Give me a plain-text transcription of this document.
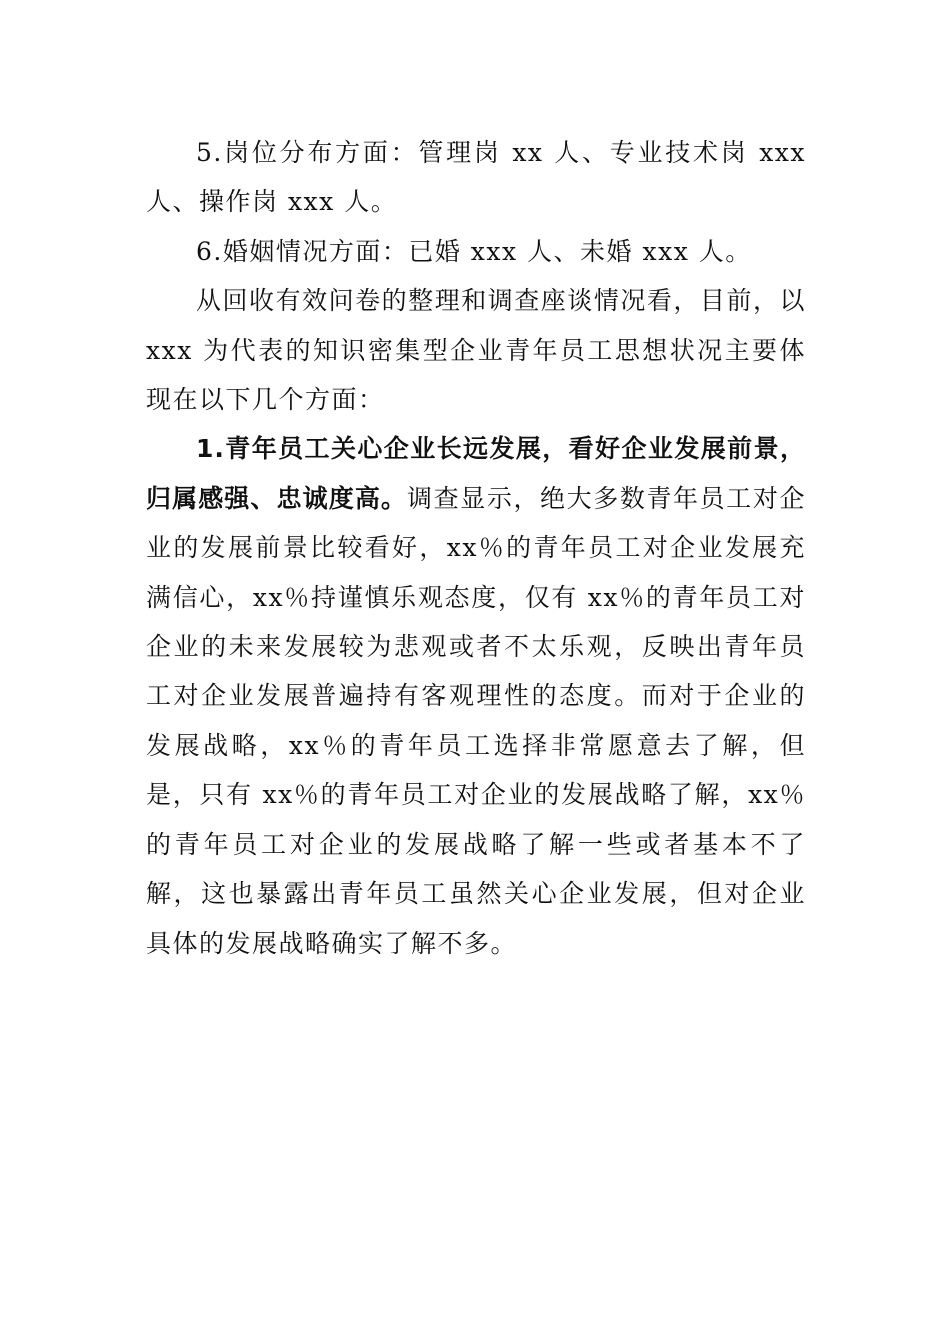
5.岗位分布方面：管理岗 xx 人、专业技术岗 xxx 人、操作岗 xxx 人。

6.婚姻情况方面：已婚 xxx 人、未婚 xxx 人。

从回收有效问卷的整理和调查座谈情况看，目前，以 xxx 为代表的知识密集型企业青年员工思想状况主要体现在以下几个方面：

1.青年员工关心企业长远发展，看好企业发展前景，归属感强、忠诚度高。调查显示，绝大多数青年员工对企业的发展前景比较看好，xx％的青年员工对企业发展充满信心，xx％持谨慎乐观态度，仅有 xx％的青年员工对企业的未来发展较为悲观或者不太乐观，反映出青年员工对企业发展普遍持有客观理性的态度。而对于企业的发展战略，xx％的青年员工选择非常愿意去了解，但是，只有 xx％的青年员工对企业的发展战略了解，xx％的青年员工对企业的发展战略了解一些或者基本不了解，这也暴露出青年员工虽然关心企业发展，但对企业具体的发展战略确实了解不多。
